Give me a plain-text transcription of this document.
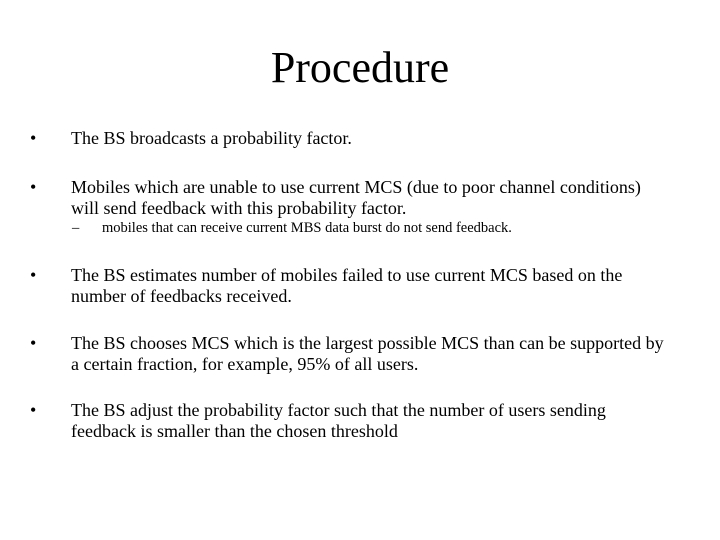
Procedure
•	The BS broadcasts a probability factor.
•	Mobiles which are unable to use current MCS (due to poor channel conditions) will send feedback with this probability factor.
– mobiles that can receive current MBS data burst do not send feedback.
•	The BS estimates number of mobiles failed to use current MCS based on the number of feedbacks received.
•	The BS chooses MCS which is the largest possible MCS than can be supported by a certain fraction, for example, 95% of all users.
•	The BS adjust the probability factor such that the number of users sending feedback is smaller than the chosen threshold
